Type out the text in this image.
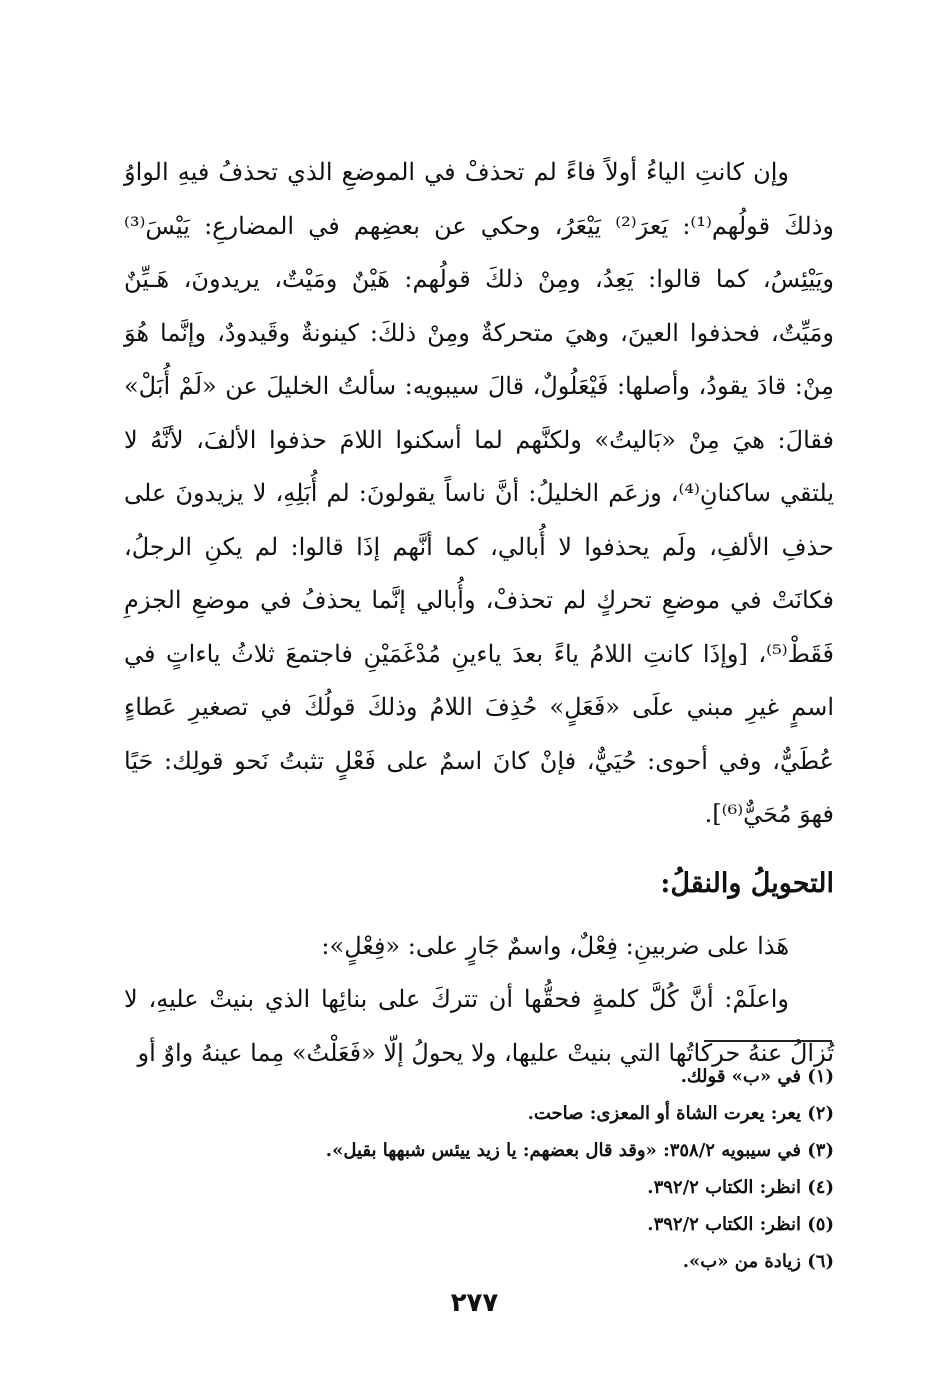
وإن كانتِ الياءُ أولاً فاءً لم تحذفْ في الموضعِ الذي تحذفُ فيهِ الواوُ وذلكَ قولُهم⁽¹⁾: يَعرَ⁽²⁾ يَيْعَرُ، وحكي عن بعضِهم في المضارعِ: يَيْسَ⁽³⁾ ويَيْئِسُ، كما قالوا: يَعِدُ، ومِنْ ذلكَ قولُهم: هَيْنٌ ومَيْتٌ، يريدونَ، هَـيِّنٌ ومَيِّتٌ، فحذفوا العينَ، وهيَ متحركةٌ ومِنْ ذلكَ: كينونةٌ وقَيدودٌ، وإنَّما هُوَ مِنْ: قادَ يقودُ، وأصلها: فَيْعَلُولٌ، قالَ سيبويه: سألتُ الخليلَ عن «لَمْ أُبَلْ» فقالَ: هيَ مِنْ «بَاليتُ» ولكنَّهم لما أسكنوا اللامَ حذفوا الألفَ، لأنَّهُ لا يلتقي ساكنانِ⁽⁴⁾، وزعَم الخليلُ: أنَّ ناساً يقولونَ: لم أُبَلِهِ، لا يزيدونَ على حذفِ الألفِ، ولَم يحذفوا لا أُبالي، كما أنَّهم إذَا قالوا: لم يكنِ الرجلُ، فكانَتْ في موضعِ تحركٍ لم تحذفْ، وأُبالي إنَّما يحذفُ في موضعِ الجزمِ فَقَطْ⁽⁵⁾، [وإذَا كانتِ اللامُ ياءً بعدَ ياءينِ مُدْغَمَيْنِ فاجتمعَ ثلاثُ ياءاتٍ في اسمٍ غيرِ مبني علَى «فَعَلٍ» حُذِفَ اللامُ وذلكَ قولُكَ في تصغيرِ عَطاءٍ عُطَيٌّ، وفي أحوى: حُيَيٌّ، فإنْ كانَ اسمٌ على فَعْلٍ تثبتُ نَحو قولِك: حَيًا فهوَ مُحَيٌّ⁽⁶⁾].

التحويلُ والنقلُ:

هَذا على ضربينِ: فِعْلٌ، واسمٌ جَارٍ على: «فِعْلٍ»:

واعلَمْ: أنَّ كُلَّ كلمةٍ فحقُّها أن تتركَ على بنائِها الذي بنيتْ عليهِ، لا تُزالُ عنهُ حركاتُها التي بنيتْ عليها، ولا يحولُ إلّا «فَعَلْتُ» مِما عينهُ واوٌ أو

(١) في «ب» قولك.

(٢) يعر: يعرت الشاة أو المعزى: صاحت.

(٣) في سيبويه ٣٥٨/٢: «وقد قال بعضهم: يا زيد ييئس شبهها بقيل».

(٤) انظر: الكتاب ٣٩٢/٢.

(٥) انظر: الكتاب ٣٩٢/٢.

(٦) زيادة من «ب».

٢٧٧
